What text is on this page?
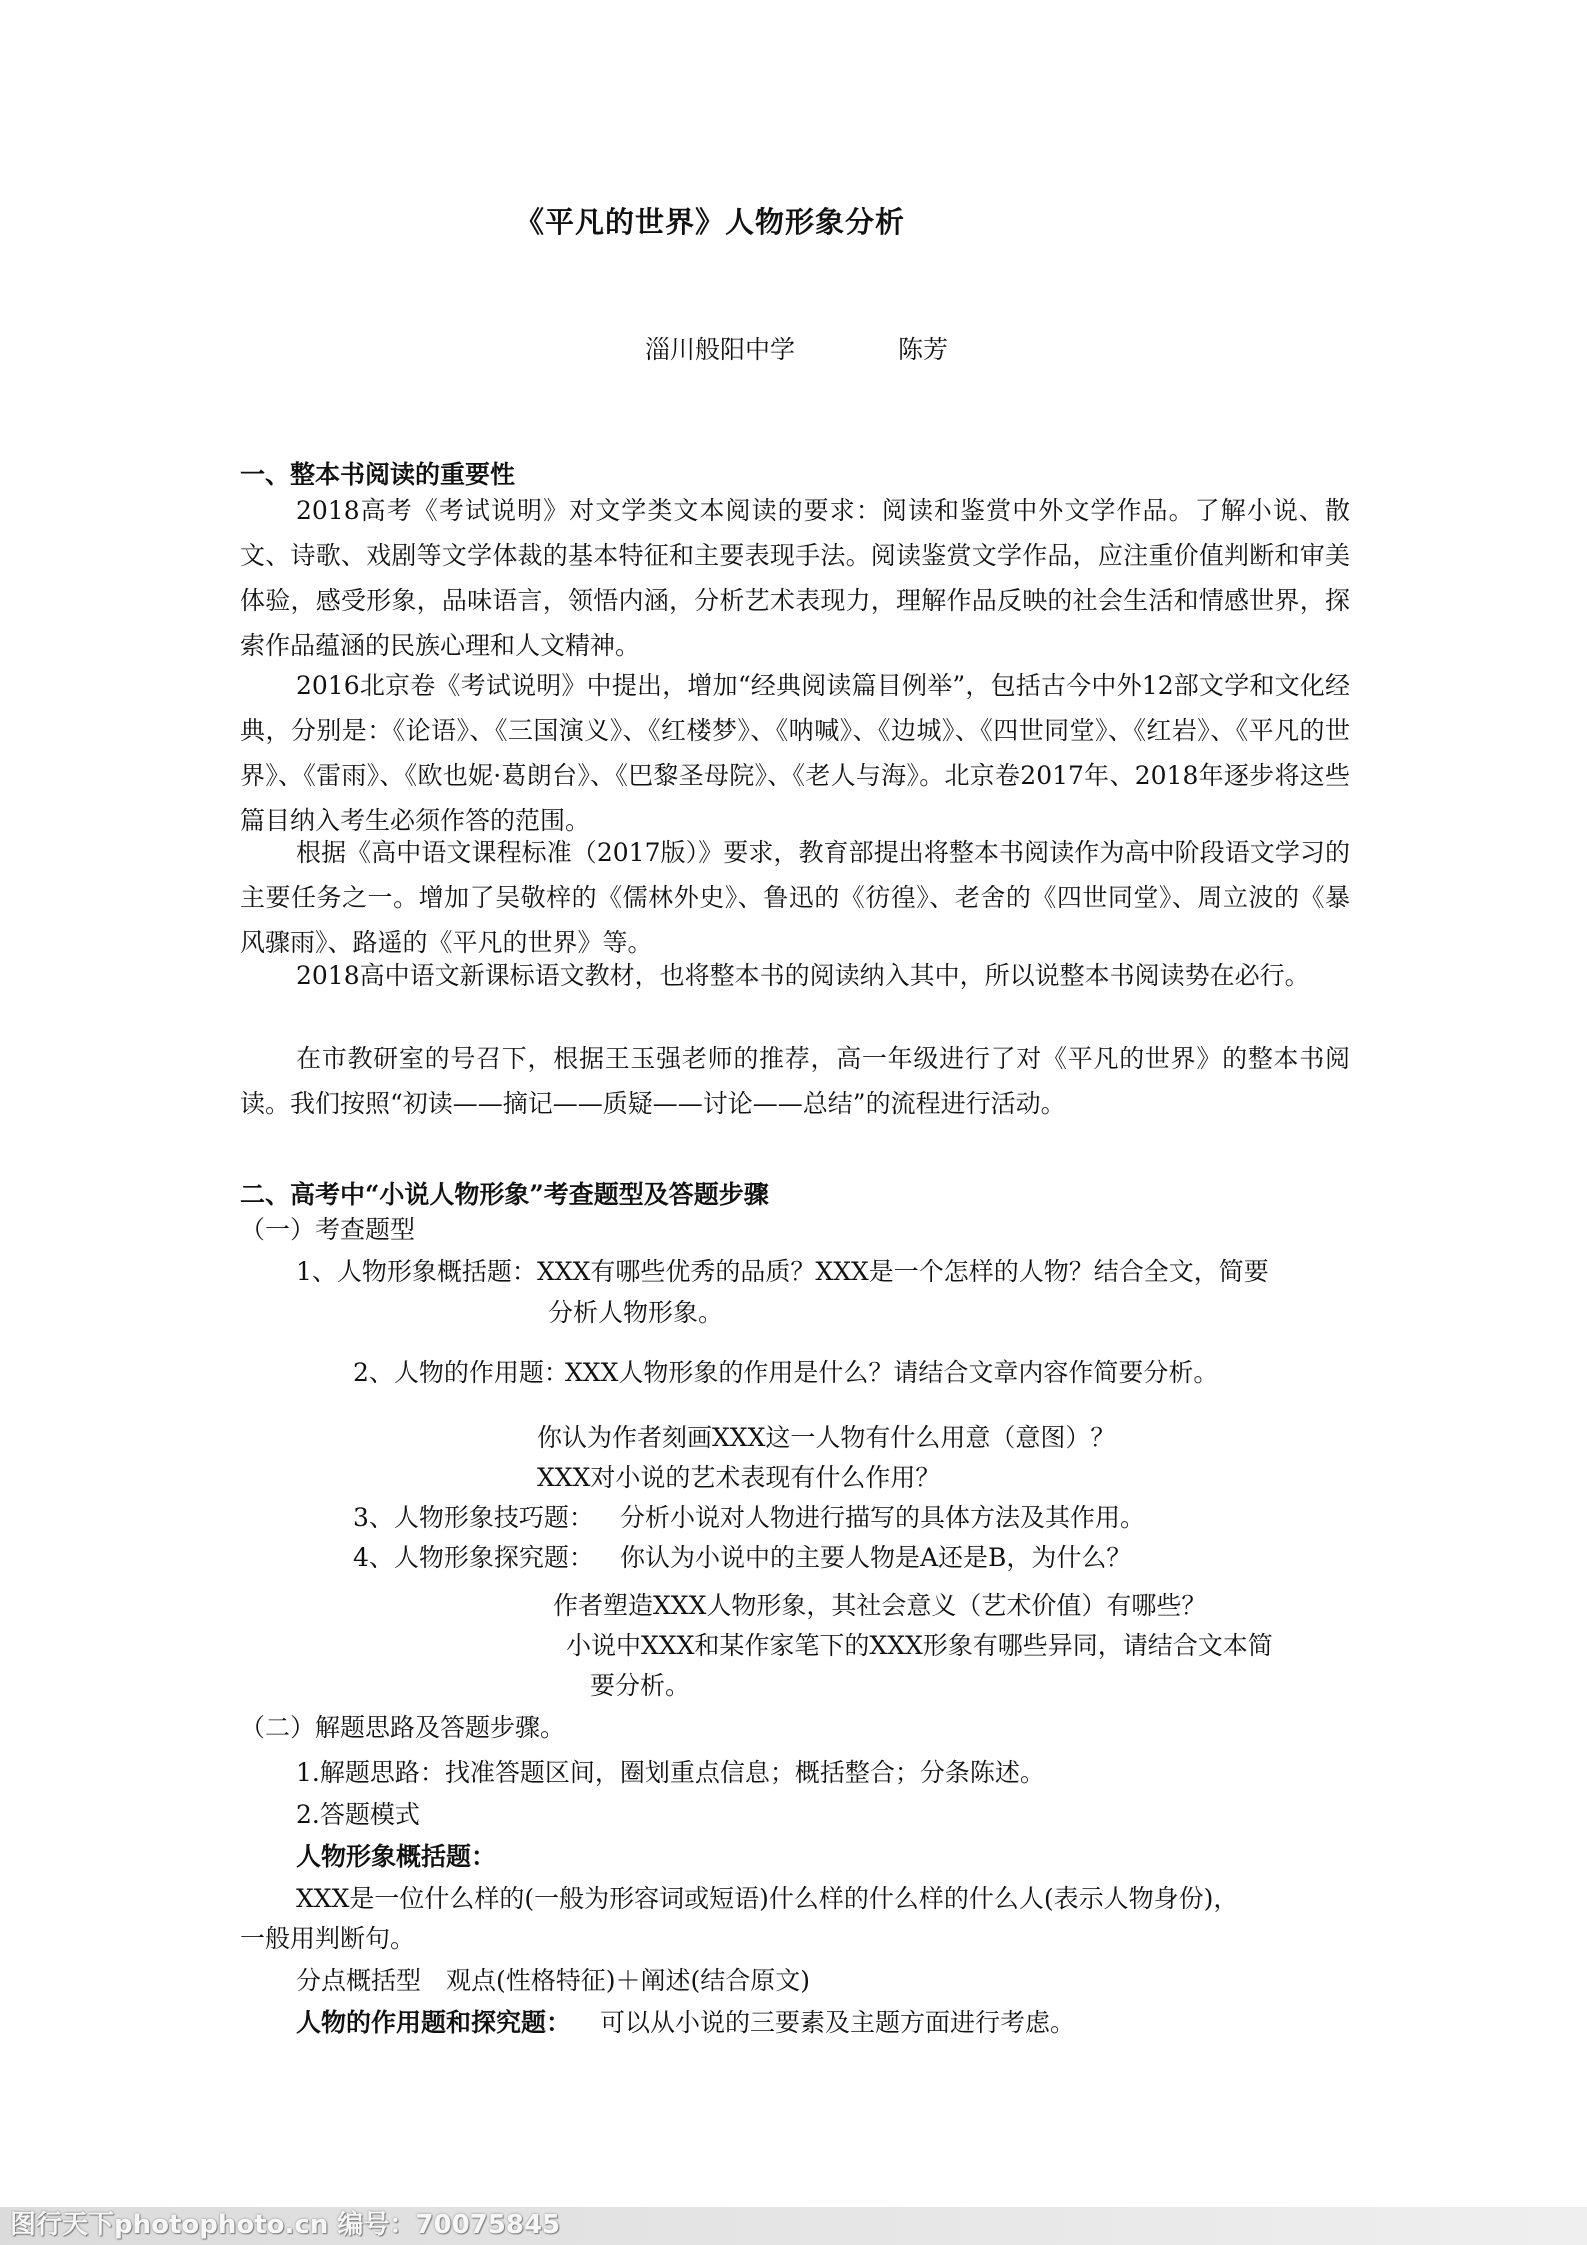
《平凡的世界》人物形象分析
淄川般阳中学	陈芳
一、整本书阅读的重要性
2018高考《考试说明》对文学类文本阅读的要求：阅读和鉴赏中外文学作品。了解小说、散文、诗歌、戏剧等文学体裁的基本特征和主要表现手法。阅读鉴赏文学作品，应注重价值判断和审美体验，感受形象，品味语言，领悟内涵，分析艺术表现力，理解作品反映的社会生活和情感世界，探索作品蕴涵的民族心理和人文精神。
2016北京卷《考试说明》中提出，增加“经典阅读篇目例举”，包括古今中外12部文学和文化经典，分别是：《论语》、《三国演义》、《红楼梦》、《呐喊》、《边城》、《四世同堂》、《红岩》、《平凡的世界》、《雷雨》、《欧也妮·葛朗台》、《巴黎圣母院》、《老人与海》。北京卷2017年、2018年逐步将这些篇目纳入考生必须作答的范围。
根据《高中语文课程标准（2017版）》要求，教育部提出将整本书阅读作为高中阶段语文学习的主要任务之一。增加了吴敬梓的《儒林外史》、鲁迅的《彷徨》、老舍的《四世同堂》、周立波的《暴风骤雨》、路遥的《平凡的世界》等。
2018高中语文新课标语文教材，也将整本书的阅读纳入其中，所以说整本书阅读势在必行。
在市教研室的号召下，根据王玉强老师的推荐，高一年级进行了对《平凡的世界》的整本书阅读。我们按照“初读——摘记——质疑——讨论——总结”的流程进行活动。
二、高考中“小说人物形象”考查题型及答题步骤
（一）考查题型
1、人物形象概括题： XXX有哪些优秀的品质？XXX是一个怎样的人物？结合全文，简要
分析人物形象。
2、人物的作用题：
XXX人物形象的作用是什么？请结合文章内容作简要分析。
你认为作者刻画XXX这一人物有什么用意（意图）？
XXX对小说的艺术表现有什么作用？
3、人物形象技巧题： 分析小说对人物进行描写的具体方法及其作用。
4、人物形象探究题： 你认为小说中的主要人物是A还是B，为什么？
作者塑造XXX人物形象，其社会意义（艺术价值）有哪些？
小说中XXX和某作家笔下的XXX形象有哪些异同，请结合文本简
要分析。
（二）解题思路及答题步骤。
1.解题思路：找准答题区间，圈划重点信息；概括整合；分条陈述。
2.答题模式
人物形象概括题：
XXX是一位什么样的(一般为形容词或短语)什么样的什么样的什么人(表示人物身份)，
一般用判断句。
分点概括型　观点(性格特征)＋阐述(结合原文)
人物的作用题和探究题： 可以从小说的三要素及主题方面进行考虑。
图行天下photophoto.cn 编号：70075845
